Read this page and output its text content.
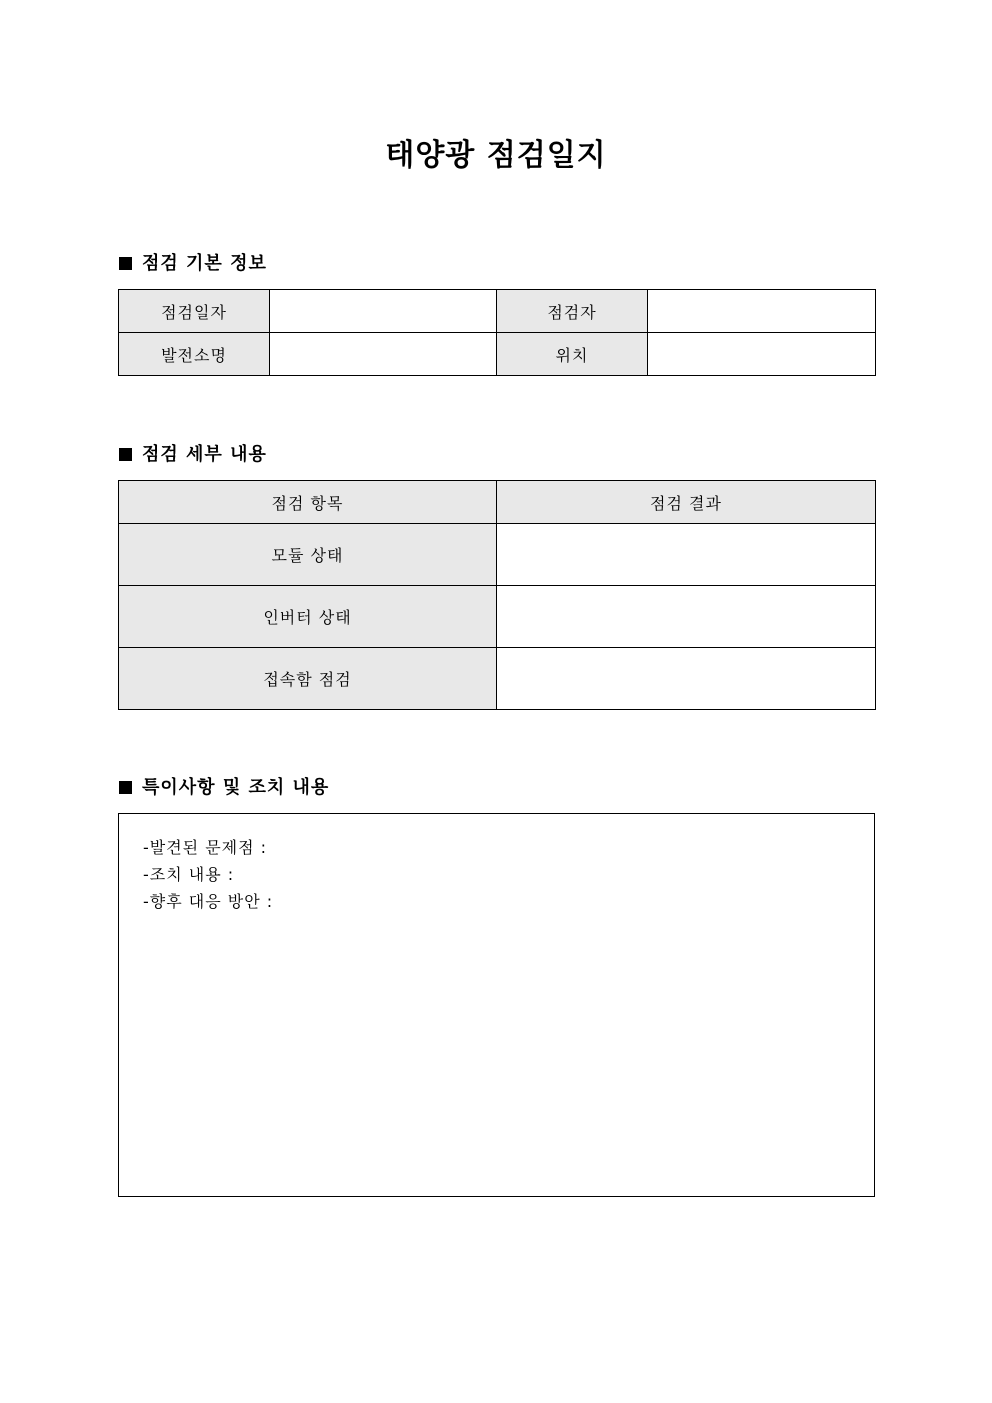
태양광 점검일지
점검 기본 정보
점검일자		점검자	
발전소명		위치	
점검 세부 내용
점검 항목	점검 결과
모듈 상태	
인버터 상태	
접속함 점검	
특이사항 및 조치 내용
-발견된 문제점 :
-조치 내용 :
-향후 대응 방안 :
